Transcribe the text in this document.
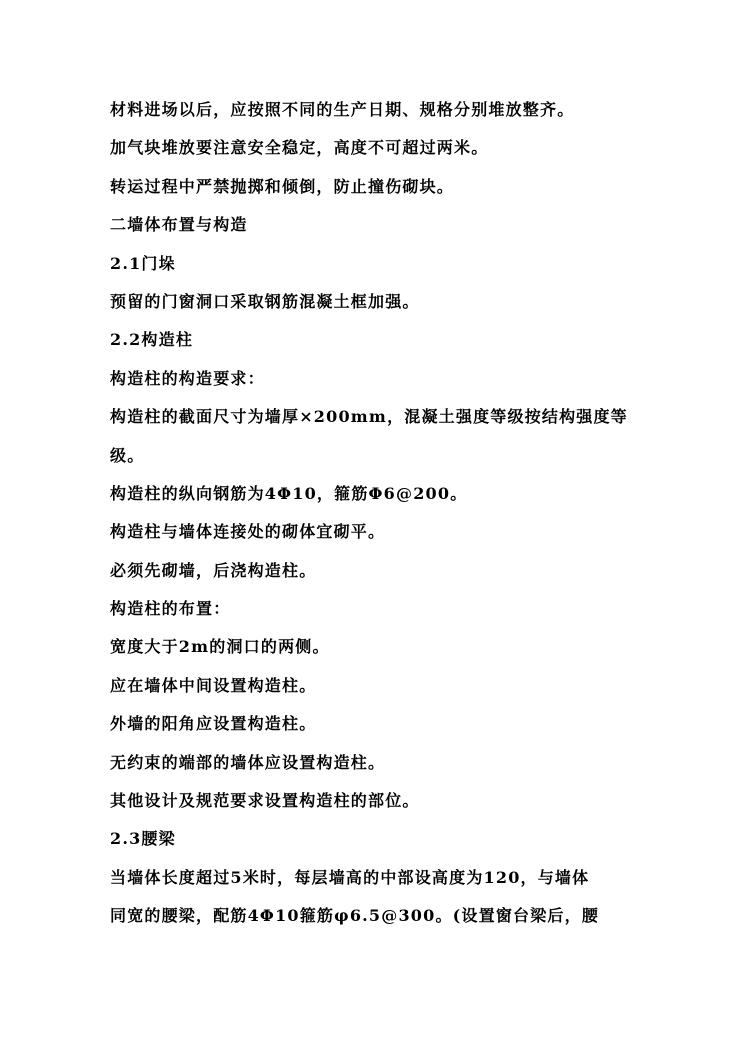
材料进场以后，应按照不同的生产日期、规格分别堆放整齐。
加气块堆放要注意安全稳定，高度不可超过两米。
转运过程中严禁抛掷和倾倒，防止撞伤砌块。
二墙体布置与构造
2.1门垛
预留的门窗洞口采取钢筋混凝土框加强。
2.2构造柱
构造柱的构造要求：
构造柱的截面尺寸为墙厚×200mm，混凝土强度等级按结构强度等
级。
构造柱的纵向钢筋为4Φ10，箍筋Φ6@200。
构造柱与墙体连接处的砌体宜砌平。
必须先砌墙，后浇构造柱。
构造柱的布置：
宽度大于2m的洞口的两侧。
应在墙体中间设置构造柱。
外墙的阳角应设置构造柱。
无约束的端部的墙体应设置构造柱。
其他设计及规范要求设置构造柱的部位。
2.3腰梁
当墙体长度超过5米时，每层墙高的中部设高度为120，与墙体
同宽的腰梁，配筋4Φ10箍筋φ6.5@300。(设置窗台梁后，腰
